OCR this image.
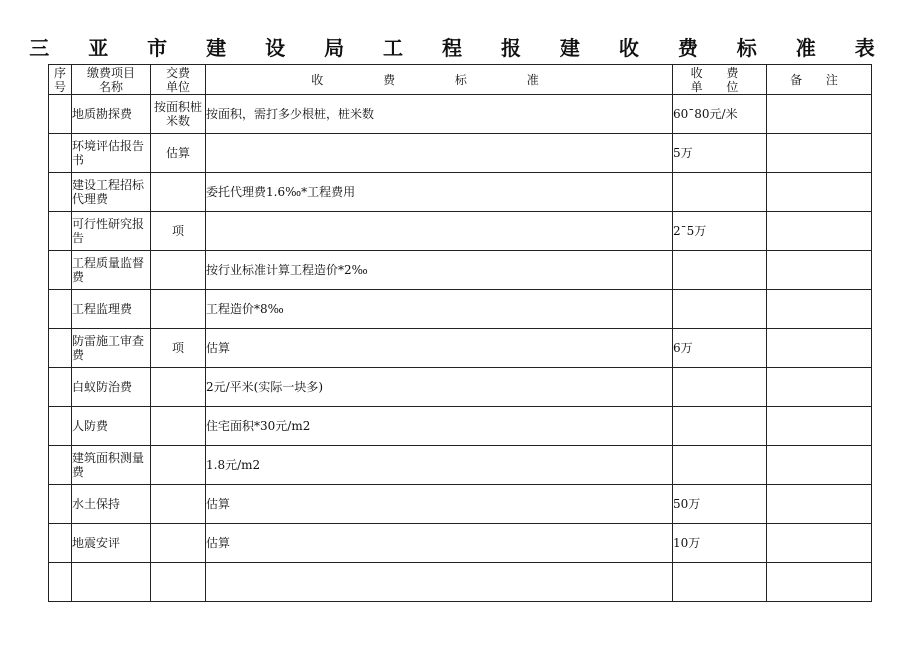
三 亚 市 建 设 局 工 程 报 建 收 费 标 准 表
序号	缴费项目名称	交费单位	收 费 标 准	收 费单 位	备 注
	地质勘探费	按面积桩米数	按面积，需打多少根桩，桩米数	60¯80元/米	
	环境评估报告书	估算		5万	
	建设工程招标代理费		委托代理费1.6‰*工程费用		
	可行性研究报告	项		2¯5万	
	工程质量监督费		按行业标准计算工程造价*2‰		
	工程监理费		工程造价*8‰		
	防雷施工审查费	项	估算	6万	
	白蚁防治费		2元/平米(实际一块多)		
	人防费		住宅面积*30元/m2		
	建筑面积测量费		1.8元/m2		
	水土保持		估算	50万	
	地震安评		估算	10万	
